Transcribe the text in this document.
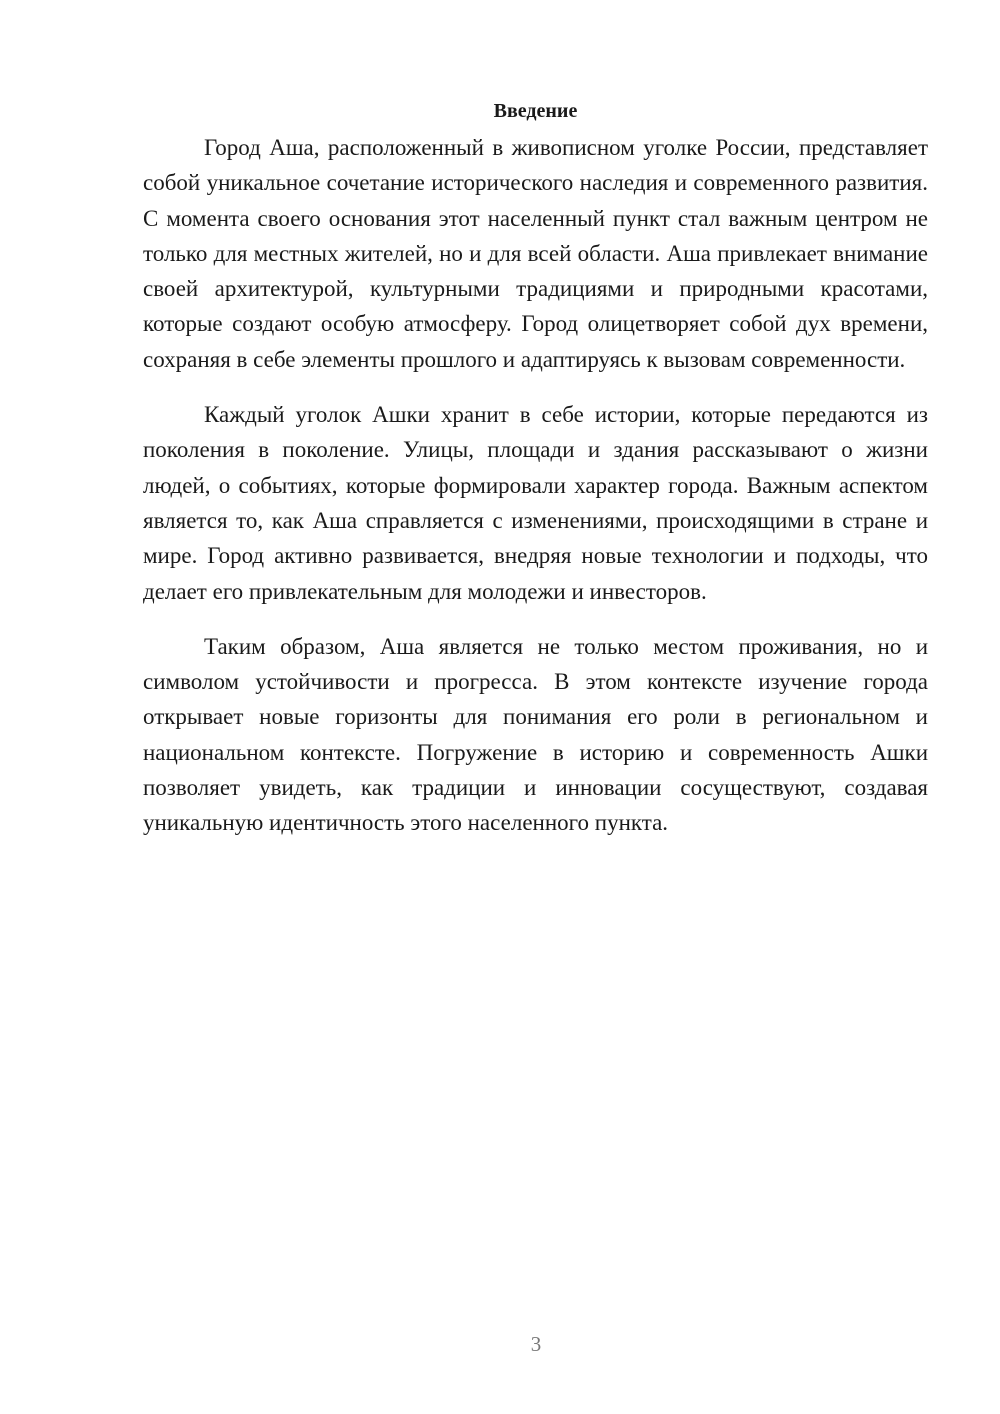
Введение

Город Аша, расположенный в живописном уголке России, представляет собой уникальное сочетание исторического наследия и современного развития. С момента своего основания этот населенный пункт стал важным центром не только для местных жителей, но и для всей области. Аша привлекает внимание своей архитектурой, культурными традициями и природными красотами, которые создают особую атмосферу. Город олицетворяет собой дух времени, сохраняя в себе элементы прошлого и адаптируясь к вызовам современности.

Каждый уголок Ашки хранит в себе истории, которые передаются из поколения в поколение. Улицы, площади и здания рассказывают о жизни людей, о событиях, которые формировали характер города. Важным аспектом является то, как Аша справляется с изменениями, происходящими в стране и мире. Город активно развивается, внедряя новые технологии и подходы, что делает его привлекательным для молодежи и инвесторов.

Таким образом, Аша является не только местом проживания, но и символом устойчивости и прогресса. В этом контексте изучение города открывает новые горизонты для понимания его роли в региональном и национальном контексте. Погружение в историю и современность Ашки позволяет увидеть, как традиции и инновации сосуществуют, создавая уникальную идентичность этого населенного пункта.

3
